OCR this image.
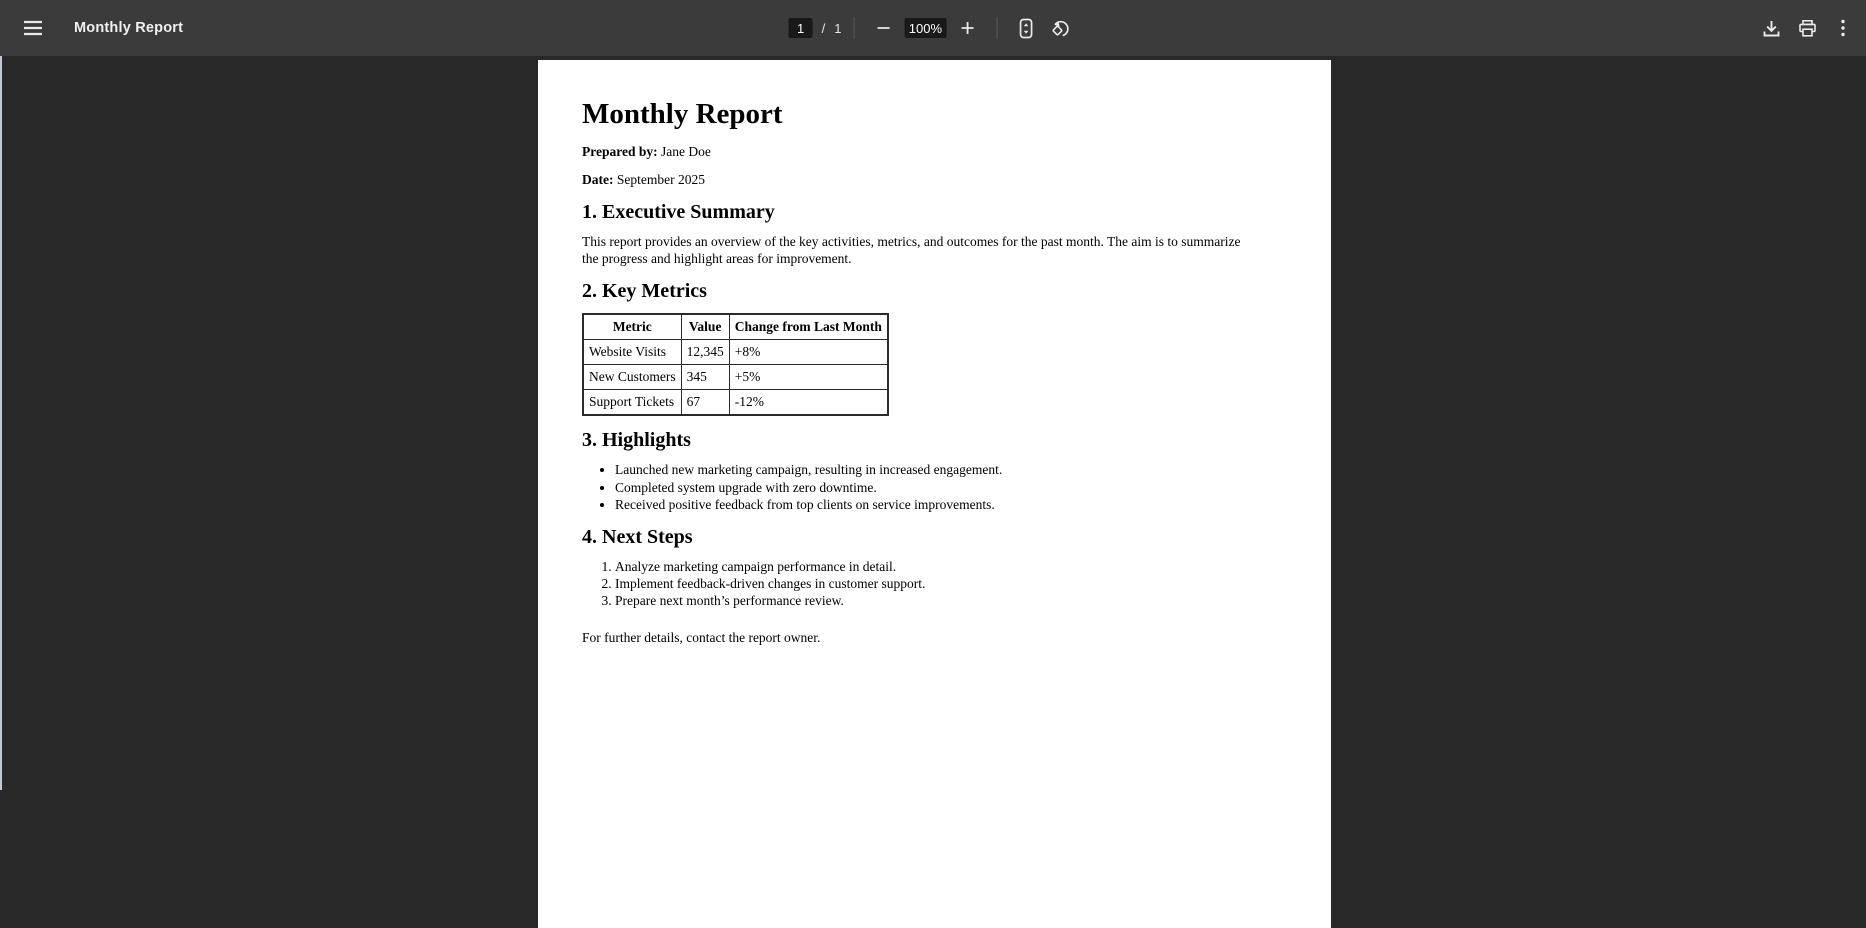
Monthly Report
1	/ 1
100%
Monthly Report
Prepared by: Jane Doe
Date: September 2025
1. Executive Summary

This report provides an overview of the key activities, metrics, and outcomes for the past month. The aim is to summarize the progress and highlight areas for improvement.

2. Key Metrics
Metric	Value	Change from Last Month
Website Visits	12,345	+8%
New Customers	345	+5%
Support Tickets	67	-12%
3. Highlights
• Launched new marketing campaign, resulting in increased engagement.
• Completed system upgrade with zero downtime.
• Received positive feedback from top clients on service improvements.
4. Next Steps
1. Analyze marketing campaign performance in detail.
2. Implement feedback-driven changes in customer support.
3. Prepare next month’s performance review.

For further details, contact the report owner.
